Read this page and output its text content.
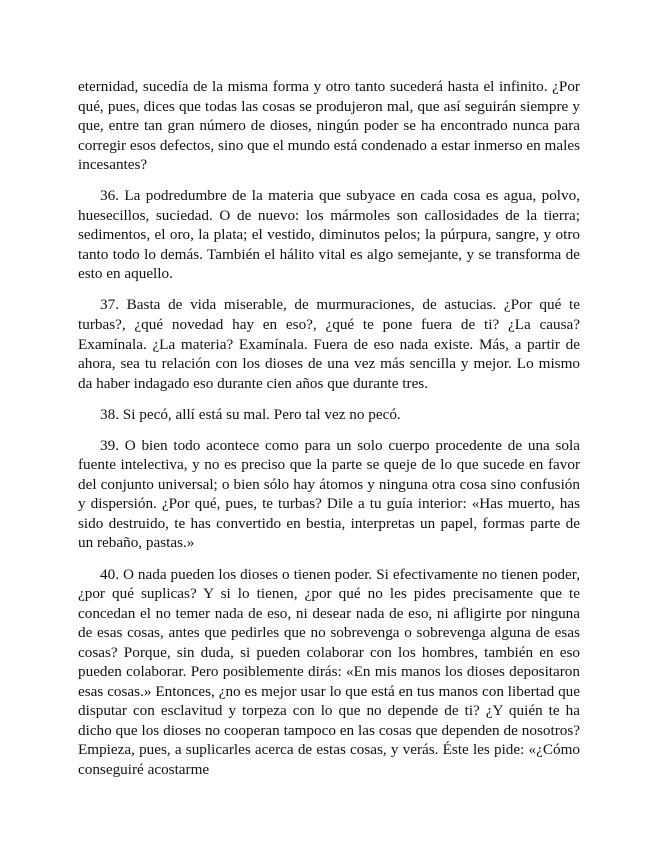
eternidad, sucedía de la misma forma y otro tanto sucederá hasta el infinito. ¿Por qué, pues, dices que todas las cosas se produjeron mal, que así seguirán siempre y que, entre tan gran número de dioses, ningún poder se ha encontrado nunca para corregir esos defectos, sino que el mundo está condenado a estar inmerso en males incesantes?

36. La podredumbre de la materia que subyace en cada cosa es agua, polvo, huesecillos, suciedad. O de nuevo: los mármoles son callosidades de la tierra; sedimentos, el oro, la plata; el vestido, diminutos pelos; la púrpura, sangre, y otro tanto todo lo demás. También el hálito vital es algo semejante, y se transforma de esto en aquello.

37. Basta de vida miserable, de murmuraciones, de astucias. ¿Por qué te turbas?, ¿qué novedad hay en eso?, ¿qué te pone fuera de ti? ¿La causa? Examínala. ¿La materia? Examínala. Fuera de eso nada existe. Más, a partir de ahora, sea tu relación con los dioses de una vez más sencilla y mejor. Lo mismo da haber indagado eso durante cien años que durante tres.

38. Si pecó, allí está su mal. Pero tal vez no pecó.

39. O bien todo acontece como para un solo cuerpo procedente de una sola fuente intelectiva, y no es preciso que la parte se queje de lo que sucede en favor del conjunto universal; o bien sólo hay átomos y ninguna otra cosa sino confusión y dispersión. ¿Por qué, pues, te turbas? Dile a tu guía interior: «Has muerto, has sido destruido, te has convertido en bestia, interpretas un papel, formas parte de un rebaño, pastas.»

40. O nada pueden los dioses o tienen poder. Si efectivamente no tienen poder, ¿por qué suplicas? Y si lo tienen, ¿por qué no les pides precisamente que te concedan el no temer nada de eso, ni desear nada de eso, ni afligirte por ninguna de esas cosas, antes que pedirles que no sobrevenga o sobrevenga alguna de esas cosas? Porque, sin duda, si pueden colaborar con los hombres, también en eso pueden colaborar. Pero posiblemente dirás: «En mis manos los dioses depositaron esas cosas.» Entonces, ¿no es mejor usar lo que está en tus manos con libertad que disputar con esclavitud y torpeza con lo que no depende de ti? ¿Y quién te ha dicho que los dioses no cooperan tampoco en las cosas que dependen de nosotros? Empieza, pues, a suplicarles acerca de estas cosas, y verás. Éste les pide: «¿Cómo conseguiré acostarme
